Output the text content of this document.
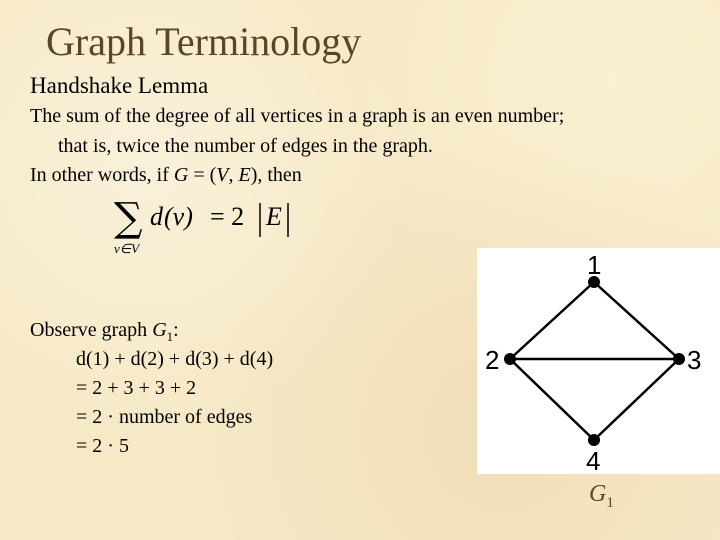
Graph Terminology
Handshake Lemma
The sum of the degree of all vertices in a graph is an even number;
that is, twice the number of edges in the graph.
In other words, if G = (V, E), then
∑
v∈V
d (v) = 2 E
Observe graph $G_1$:
d(1) + d(2) + d(3) + d(4)
= 2 + 3 + 3 + 2
= 2 · number of edges
= 2 · 5
1
2	3
4
$G_1$
